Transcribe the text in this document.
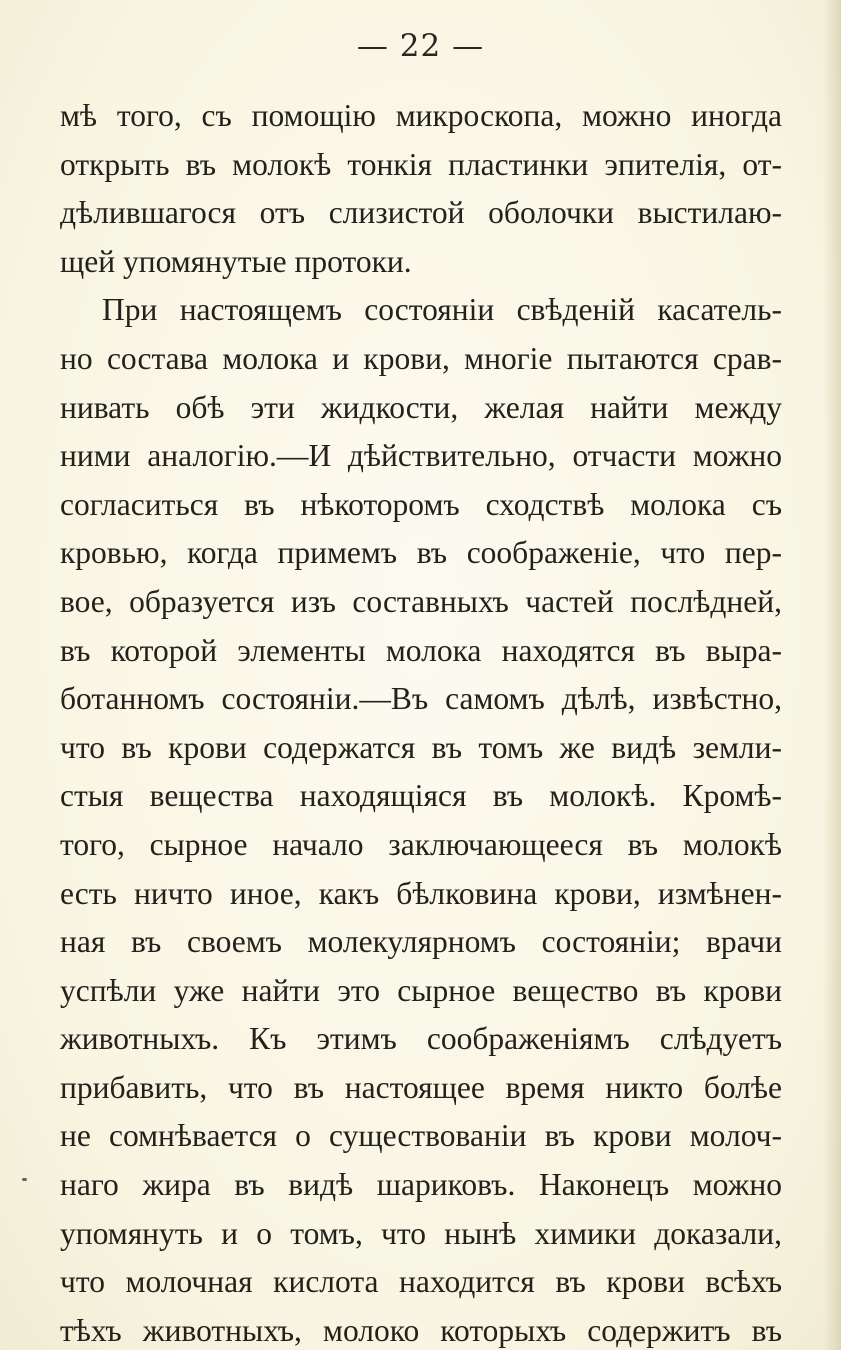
— 22 —
мѣ того, съ помощію микроскопа, можно иногда
открыть въ молокѣ тонкія пластинки эпителія, от-
дѣлившагося отъ слизистой оболочки выстилаю-
щей упомянутые протоки.
При настоящемъ состояніи свѣденій касатель-
но состава молока и крови, многіе пытаются срав-
нивать обѣ эти жидкости, желая найти между
ними аналогію.—И дѣйствительно, отчасти можно
согласиться въ нѣкоторомъ сходствѣ молока съ
кровью, когда примемъ въ соображеніе, что пер-
вое, образуется изъ составныхъ частей послѣдней,
въ которой элементы молока находятся въ выра-
ботанномъ состояніи.—Въ самомъ дѣлѣ, извѣстно,
что въ крови содержатся въ томъ же видѣ земли-
стыя вещества находящіяся въ молокѣ. Кромѣ-
того, сырное начало заключающееся въ молокѣ
есть ничто иное, какъ бѣлковина крови, измѣнен-
ная въ своемъ молекулярномъ состояніи; врачи
успѣли уже найти это сырное вещество въ крови
животныхъ. Къ этимъ соображеніямъ слѣдуетъ
прибавить, что въ настоящее время никто болѣе
не сомнѣвается о существованіи въ крови молоч-
наго жира въ видѣ шариковъ. Наконецъ можно
упомянуть и о томъ, что нынѣ химики доказали,
что молочная кислота находится въ крови всѣхъ
тѣхъ животныхъ, молоко которыхъ содержитъ въ
